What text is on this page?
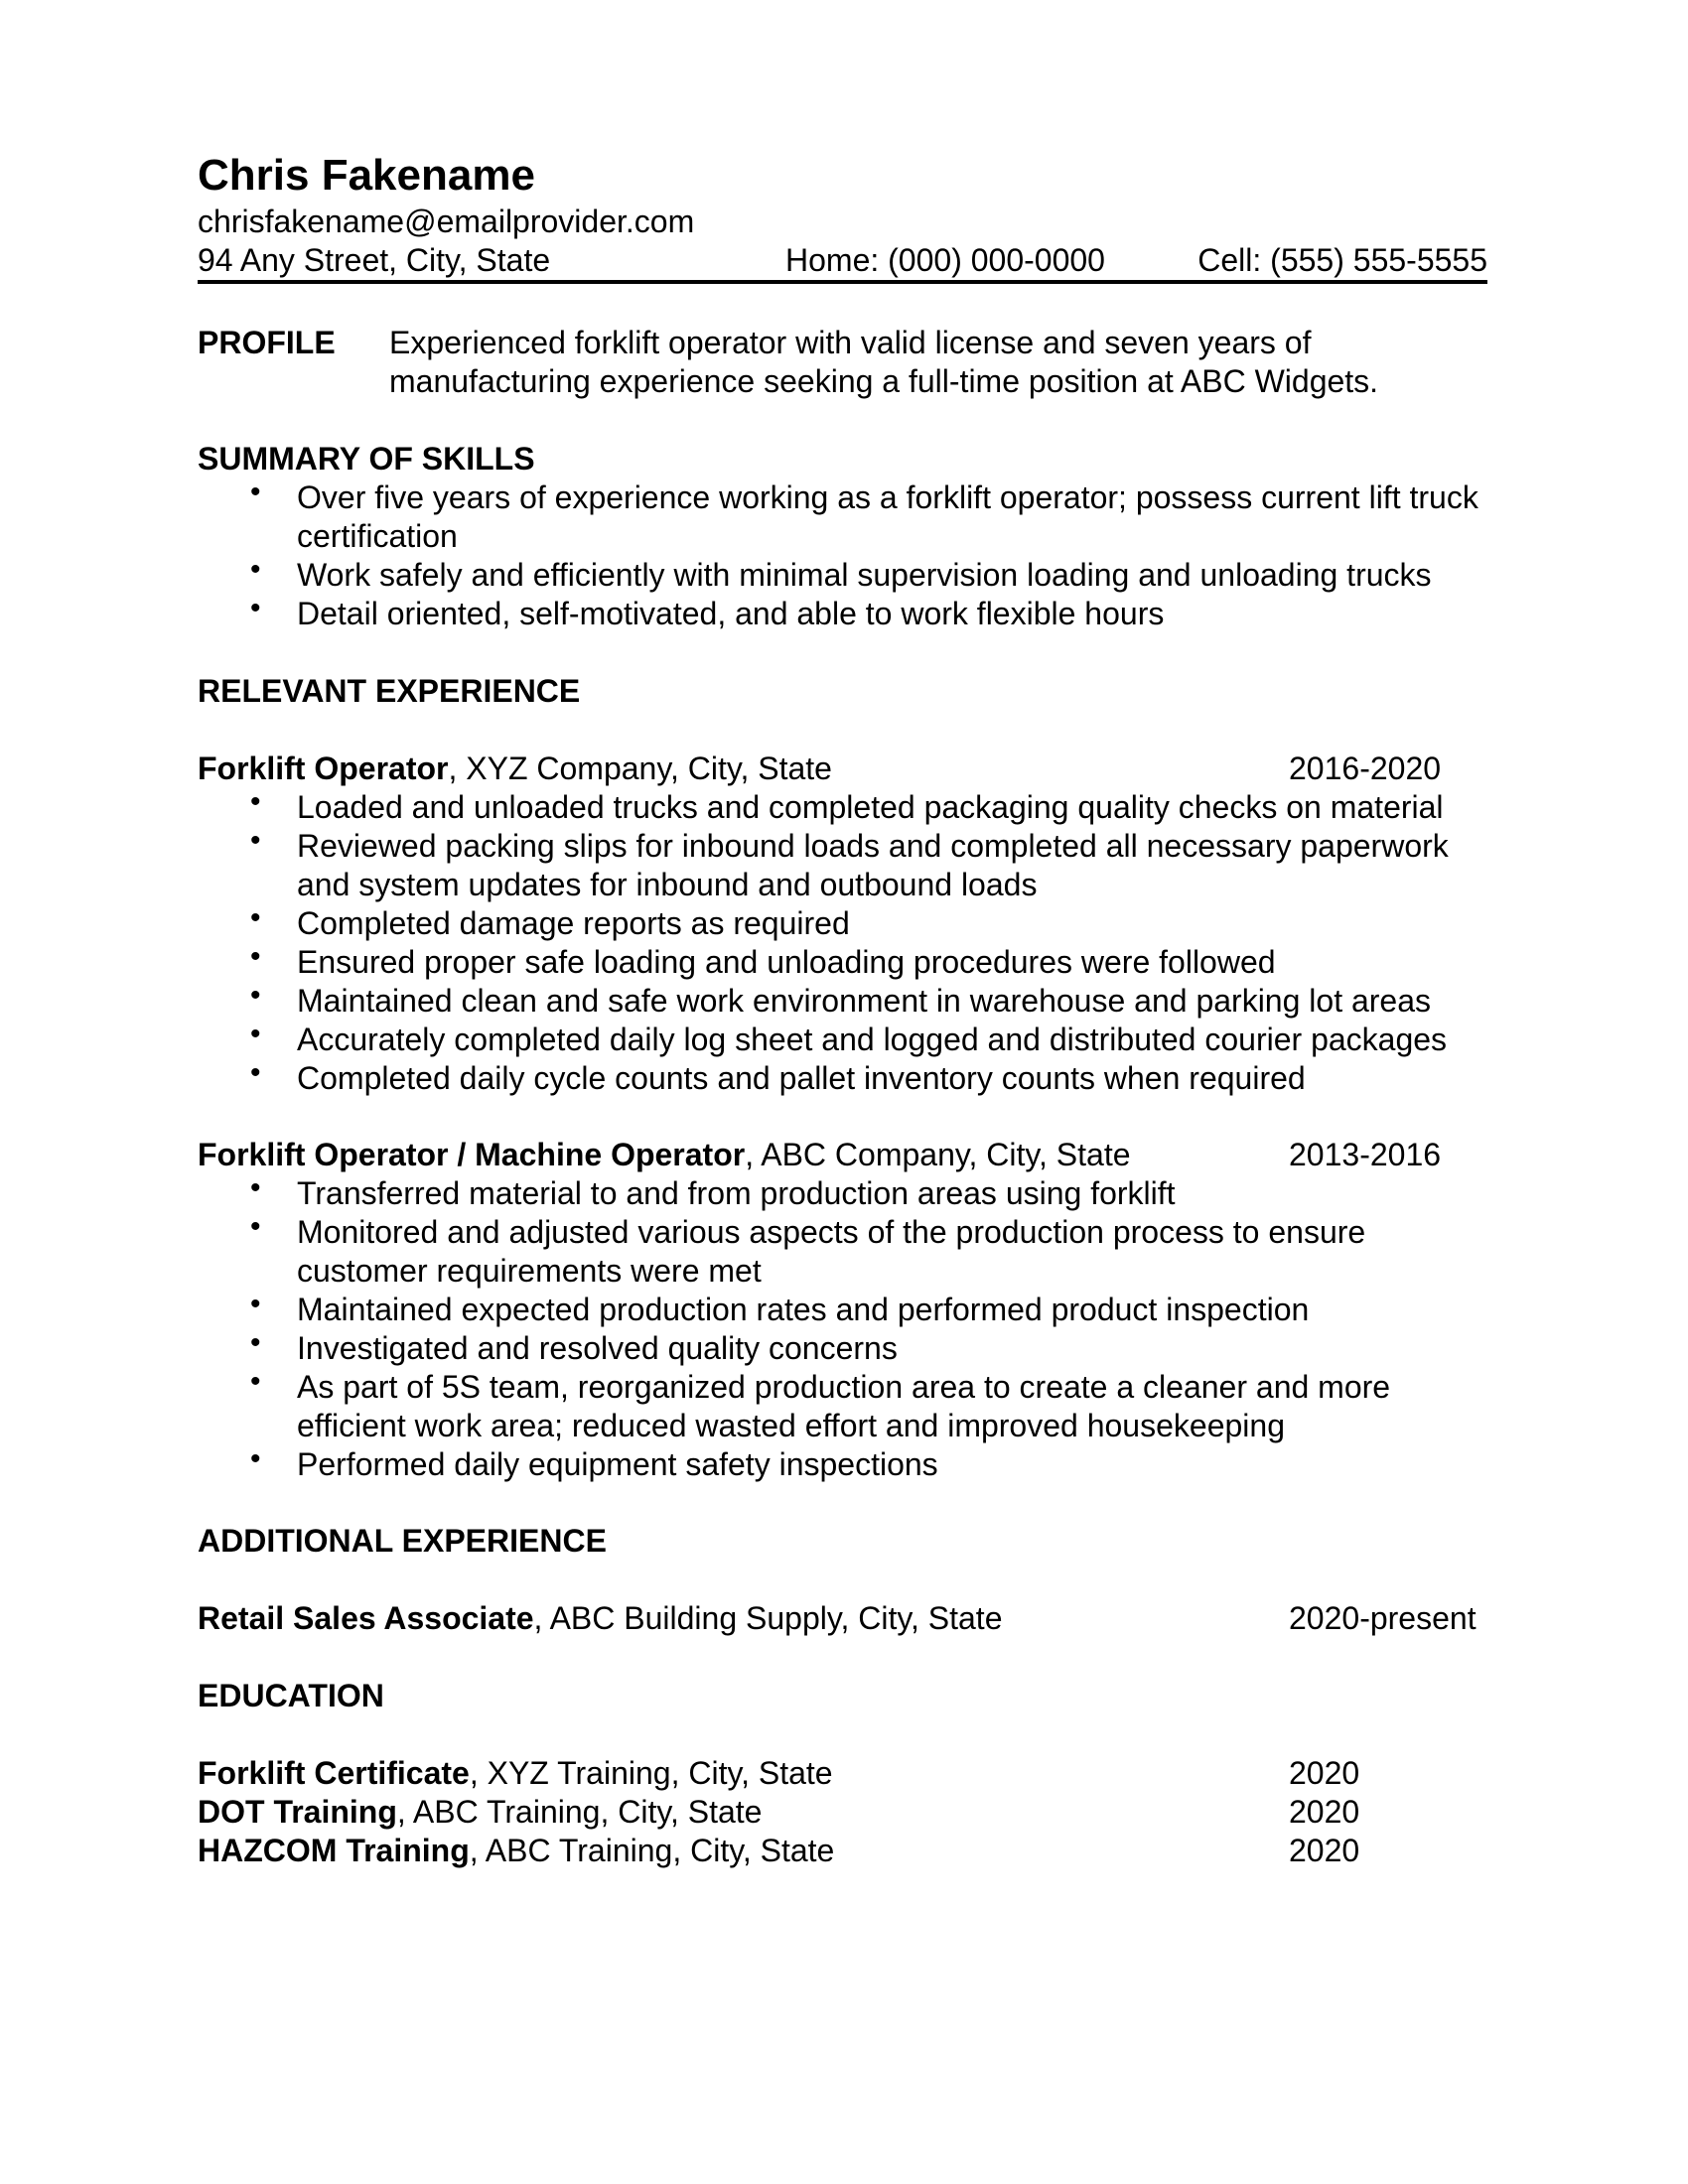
Chris Fakename
chrisfakename@emailprovider.com
94 Any Street, City, State	Home: (000) 000-0000	Cell: (555) 555-5555
PROFILE Experienced forklift operator with valid license and seven years of manufacturing experience seeking a full-time position at ABC Widgets.
SUMMARY OF SKILLS
• Over five years of experience working as a forklift operator; possess current lift truck certification
• Work safely and efficiently with minimal supervision loading and unloading trucks
• Detail oriented, self-motivated, and able to work flexible hours
RELEVANT EXPERIENCE
Forklift Operator, XYZ Company, City, State	2016-2020
• Loaded and unloaded trucks and completed packaging quality checks on material
• Reviewed packing slips for inbound loads and completed all necessary paperwork and system updates for inbound and outbound loads
• Completed damage reports as required
• Ensured proper safe loading and unloading procedures were followed
• Maintained clean and safe work environment in warehouse and parking lot areas
• Accurately completed daily log sheet and logged and distributed courier packages
• Completed daily cycle counts and pallet inventory counts when required
Forklift Operator / Machine Operator, ABC Company, City, State	2013-2016
• Transferred material to and from production areas using forklift
• Monitored and adjusted various aspects of the production process to ensure customer requirements were met
• Maintained expected production rates and performed product inspection
• Investigated and resolved quality concerns
• As part of 5S team, reorganized production area to create a cleaner and more efficient work area; reduced wasted effort and improved housekeeping
• Performed daily equipment safety inspections
ADDITIONAL EXPERIENCE
Retail Sales Associate, ABC Building Supply, City, State	2020-present
EDUCATION
Forklift Certificate, XYZ Training, City, State	2020
DOT Training, ABC Training, City, State	2020
HAZCOM Training, ABC Training, City, State	2020
